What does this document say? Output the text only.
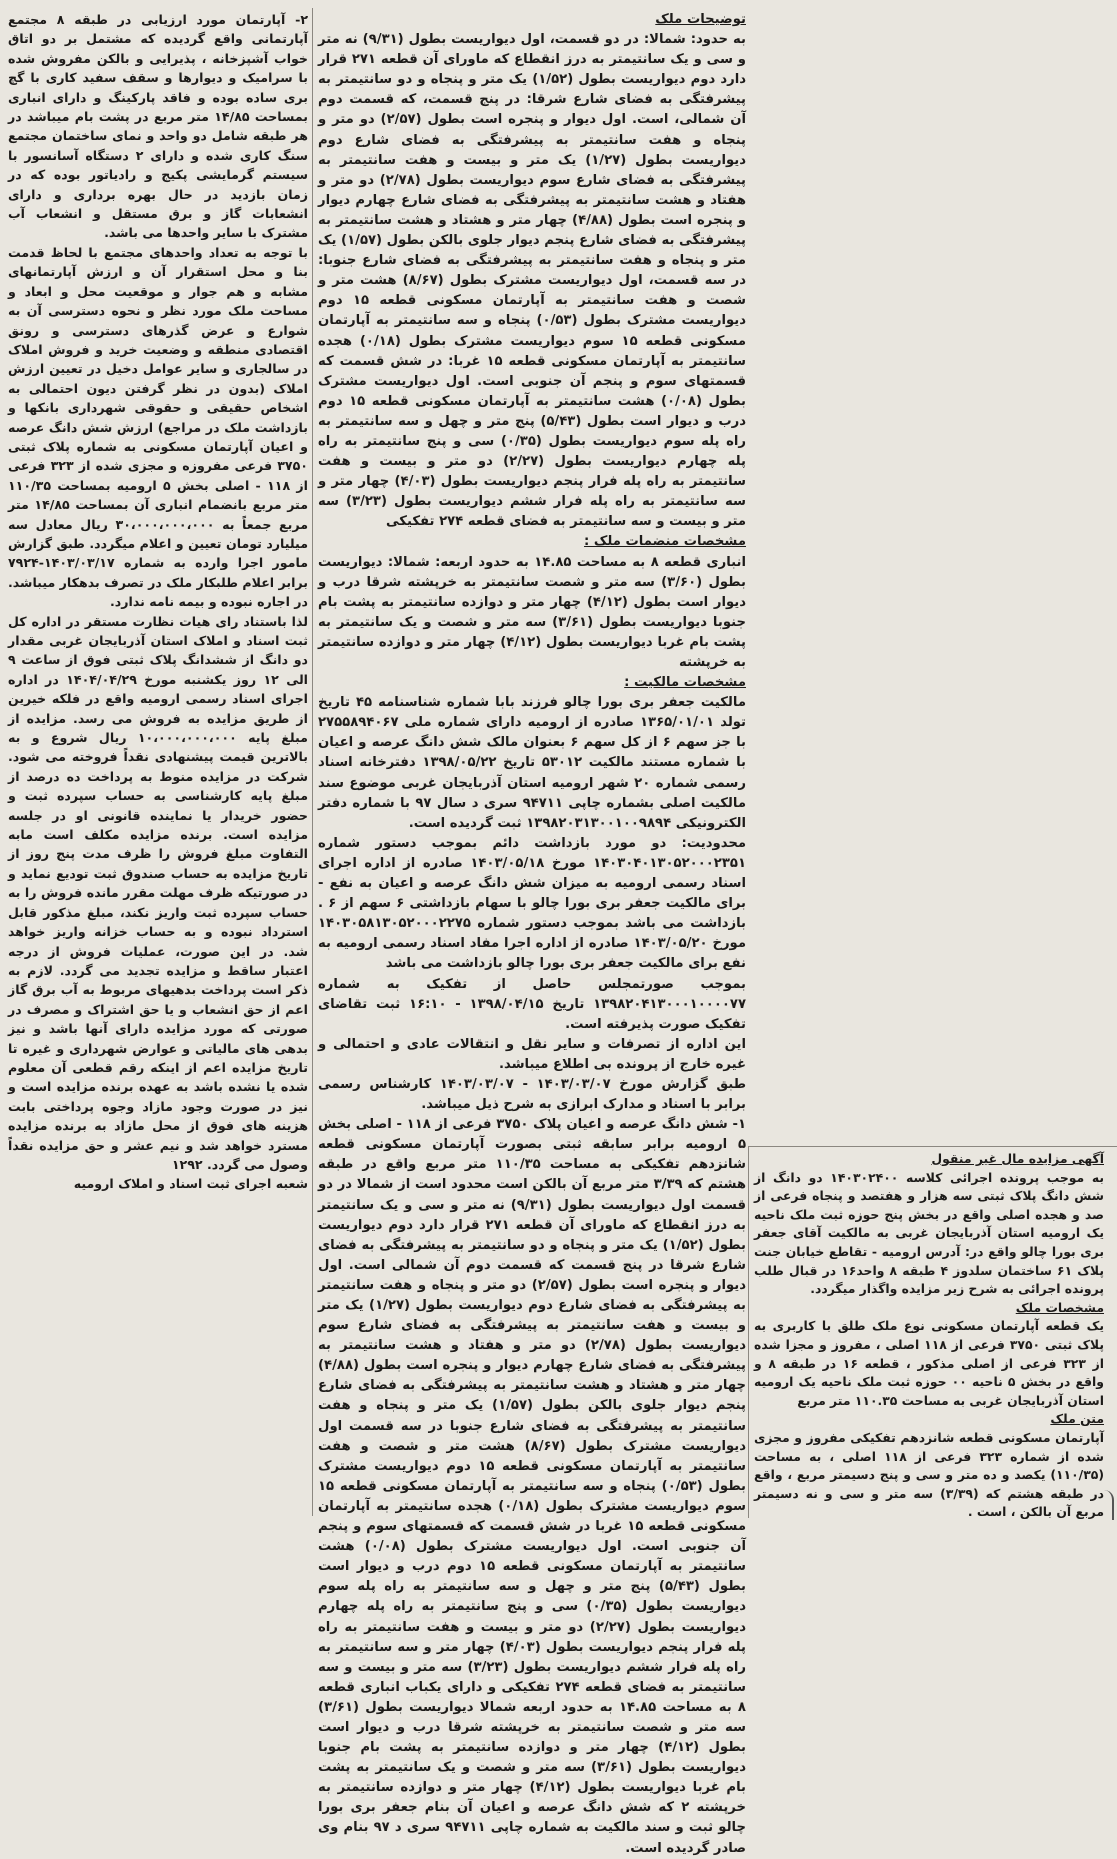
آگهی مزایده مال غیر منقول

به موجب پرونده اجرائی کلاسه ۱۴۰۳۰۲۴۰۰ دو دانگ از شش دانگ پلاک ثبتی سه هزار و هفتصد و پنجاه فرعی از صد و هجده اصلی واقع در بخش پنج حوزه ثبت ملک ناحیه یک ارومیه استان آذربایجان غربی به مالکیت آقای جعفر بری بورا چالو واقع در: آدرس ارومیه - تقاطع خیابان جنت پلاک ۶۱ ساختمان سلدوز ۴ طبقه ۸ واحد۱۶ در قبال طلب پرونده اجرائی به شرح زیر مزایده واگذار میگردد.

مشخصات ملک

یک قطعه آپارتمان مسکونی نوع ملک طلق با کاربری به پلاک ثبتی ۳۷۵۰ فرعی از ۱۱۸ اصلی ، مفروز و مجزا شده از ۳۲۳ فرعی از اصلی مذکور ، قطعه ۱۶ در طبقه ۸ و واقع در بخش ۵ ناحیه ۰۰ حوزه ثبت ملک ناحیه یک ارومیه استان آذربایجان غربی به مساحت ۱۱۰.۳۵ متر مربع

متن ملک

آپارتمان مسکونی قطعه شانزدهم تفکیکی مفروز و مجزی شده از شماره ۳۲۳ فرعی از ۱۱۸ اصلی ، به مساحت (۱۱۰/۳۵) یکصد و ده متر و سی و پنج دسیمتر مربع ، واقع در طبقه هشتم که (۳/۳۹) سه متر و سی و نه دسیمتر مربع آن بالکن ، است .

توضیحات ملک

به حدود: شمالا: در دو قسمت، اول دیواریست بطول (۹/۳۱) نه متر و سی و یک سانتیمتر به درز انقطاع که ماورای آن قطعه ۲۷۱ قرار دارد دوم دیواریست بطول (۱/۵۲) یک متر و پنجاه و دو سانتیمتر به پیشرفتگی به فضای شارع شرقا: در پنج قسمت، که قسمت دوم آن شمالی، است. اول دیوار و پنجره است بطول (۲/۵۷) دو متر و پنجاه و هفت سانتیمتر به پیشرفتگی به فضای شارع دوم دیواریست بطول (۱/۲۷) یک متر و بیست و هفت سانتیمتر به پیشرفتگی به فضای شارع سوم دیواریست بطول (۲/۷۸) دو متر و هفتاد و هشت سانتیمتر به پیشرفتگی به فضای شارع چهارم دیوار و پنجره است بطول (۴/۸۸) چهار متر و هشتاد و هشت سانتیمتر به پیشرفتگی به فضای شارع پنجم دیوار جلوی بالکن بطول (۱/۵۷) یک متر و پنجاه و هفت سانتیمتر به پیشرفتگی به فضای شارع جنوبا: در سه قسمت، اول دیواریست مشترک بطول (۸/۶۷) هشت متر و شصت و هفت سانتیمتر به آپارتمان مسکونی قطعه ۱۵ دوم دیواریست مشترک بطول (۰/۵۳) پنجاه و سه سانتیمتر به آپارتمان مسکونی قطعه ۱۵ سوم دیواریست مشترک بطول (۰/۱۸) هجده سانتیمتر به آپارتمان مسکونی قطعه ۱۵ غربا: در شش قسمت که قسمتهای سوم و پنجم آن جنوبی است. اول دیواریست مشترک بطول (۰/۰۸) هشت سانتیمتر به آپارتمان مسکونی قطعه ۱۵ دوم درب و دیوار است بطول (۵/۴۳) پنج متر و چهل و سه سانتیمتر به راه پله سوم دیواریست بطول (۰/۳۵) سی و پنج سانتیمتر به راه پله چهارم دیواریست بطول (۲/۲۷) دو متر و بیست و هفت سانتیمتر به راه پله فرار پنجم دیواریست بطول (۴/۰۳) چهار متر و سه سانتیمتر به راه پله فرار ششم دیواریست بطول (۳/۲۳) سه متر و بیست و سه سانتیمتر به فضای قطعه ۲۷۴ تفکیکی

مشخصات منضمات ملک :

انباری قطعه ۸ به مساحت ۱۴.۸۵ به حدود اربعه: شمالا: دیواریست بطول (۳/۶۰) سه متر و شصت سانتیمتر به خرپشته شرقا درب و دیوار است بطول (۴/۱۲) چهار متر و دوازده سانتیمتر به پشت بام جنوبا دیواریست بطول (۳/۶۱) سه متر و شصت و یک سانتیمتر به پشت بام غربا دیواریست بطول (۴/۱۲) چهار متر و دوازده سانتیمتر به خرپشته

مشخصات مالکیت :

مالکیت جعفر بری بورا چالو فرزند بابا شماره شناسنامه ۴۵ تاریخ تولد ۱۳۶۵/۰۱/۰۱ صادره از ارومیه دارای شماره ملی ۲۷۵۵۸۹۴۰۶۷ با جز سهم ۶ از کل سهم ۶ بعنوان مالک شش دانگ عرصه و اعیان با شماره مستند مالکیت ۵۳۰۱۲ تاریخ ۱۳۹۸/۰۵/۲۲ دفترخانه اسناد رسمی شماره ۲۰ شهر ارومیه استان آذربایجان غربی موضوع سند مالکیت اصلی بشماره چاپی ۹۴۷۱۱ سری د سال ۹۷ با شماره دفتر الکترونیکی ۱۳۹۸۲۰۳۱۳۰۰۱۰۰۹۸۹۴ ثبت گردیده است.

محدودیت: دو مورد بازداشت دائم بموجب دستور شماره ۱۴۰۳۰۴۰۱۳۰۵۲۰۰۰۲۳۵۱ مورخ ۱۴۰۳/۰۵/۱۸ صادره از اداره اجرای اسناد رسمی ارومیه به میزان شش دانگ عرصه و اعیان به نفع - برای مالکیت جعفر بری بورا چالو با سهام بازداشتی ۶ سهم از ۶ . بازداشت می باشد بموجب دستور شماره ۱۴۰۳۰۵۸۱۳۰۵۲۰۰۰۲۲۷۵ مورخ ۱۴۰۳/۰۵/۲۰ صادره از اداره اجرا مفاد اسناد رسمی ارومیه به نفع برای مالکیت جعفر بری بورا چالو بازداشت می باشد

بموجب صورتمجلس حاصل از تفکیک به شماره ۱۳۹۸۲۰۴۱۳۰۰۰۱۰۰۰۰۷۷ تاریخ ۱۳۹۸/۰۴/۱۵ - ۱۶:۱۰ ثبت تقاضای تفکیک صورت پذیرفته است.

این اداره از تصرفات و سایر نقل و انتقالات عادی و احتمالی و غیره خارج از پرونده بی اطلاع میباشد.

طبق گزارش مورخ ۱۴۰۳/۰۳/۰۷ - ۱۴۰۳/۰۳/۰۷ کارشناس رسمی برابر با اسناد و مدارک ابرازی به شرح ذیل میباشد.

۱- شش دانگ عرصه و اعیان پلاک ۳۷۵۰ فرعی از ۱۱۸ - اصلی بخش ۵ ارومیه برابر سابقه ثبتی بصورت آپارتمان مسکونی قطعه شانزدهم تفکیکی به مساحت ۱۱۰/۳۵ متر مربع واقع در طبقه هشتم که ۳/۳۹ متر مربع آن بالکن است محدود است از شمالا در دو قسمت اول دیواریست بطول (۹/۳۱) نه متر و سی و یک سانتیمتر به درز انقطاع که ماورای آن قطعه ۲۷۱ قرار دارد دوم دیواریست بطول (۱/۵۲) یک متر و پنجاه و دو سانتیمتر به پیشرفتگی به فضای شارع شرقا در پنج قسمت که قسمت دوم آن شمالی است. اول دیوار و پنجره است بطول (۲/۵۷) دو متر و پنجاه و هفت سانتیمتر به پیشرفتگی به فضای شارع دوم دیواریست بطول (۱/۲۷) یک متر و بیست و هفت سانتیمتر به پیشرفتگی به فضای شارع سوم دیواریست بطول (۲/۷۸) دو متر و هفتاد و هشت سانتیمتر به پیشرفتگی به فضای شارع چهارم دیوار و پنجره است بطول (۴/۸۸) چهار متر و هشتاد و هشت سانتیمتر به پیشرفتگی به فضای شارع پنجم دیوار جلوی بالکن بطول (۱/۵۷) یک متر و پنجاه و هفت سانتیمتر به پیشرفتگی به فضای شارع جنوبا در سه قسمت اول دیواریست مشترک بطول (۸/۶۷) هشت متر و شصت و هفت سانتیمتر به آپارتمان مسکونی قطعه ۱۵ دوم دیواریست مشترک بطول (۰/۵۳) پنجاه و سه سانتیمتر به آپارتمان مسکونی قطعه ۱۵ سوم دیواریست مشترک بطول (۰/۱۸) هجده سانتیمتر به آپارتمان مسکونی قطعه ۱۵ غربا در شش قسمت که قسمتهای سوم و پنجم آن جنوبی است. اول دیواریست مشترک بطول (۰/۰۸) هشت سانتیمتر به آپارتمان مسکونی قطعه ۱۵ دوم درب و دیوار است بطول (۵/۴۳) پنج متر و چهل و سه سانتیمتر به راه پله سوم دیواریست بطول (۰/۳۵) سی و پنج سانتیمتر به راه پله چهارم دیواریست بطول (۲/۲۷) دو متر و بیست و هفت سانتیمتر به راه پله فرار پنجم دیواریست بطول (۴/۰۳) چهار متر و سه سانتیمتر به راه پله فرار ششم دیواریست بطول (۳/۲۳) سه متر و بیست و سه سانتیمتر به فضای قطعه ۲۷۴ تفکیکی و دارای یکباب انباری قطعه ۸ به مساحت ۱۴.۸۵ به حدود اربعه شمالا دیواریست بطول (۳/۶۱) سه متر و شصت سانتیمتر به خرپشته شرقا درب و دیوار است بطول (۴/۱۲) چهار متر و دوازده سانتیمتر به پشت بام جنوبا دیواریست بطول (۳/۶۱) سه متر و شصت و یک سانتیمتر به پشت بام غربا دیواریست بطول (۴/۱۲) چهار متر و دوازده سانتیمتر به خرپشته ۲ که شش دانگ عرصه و اعیان آن بنام جعفر بری بورا چالو ثبت و سند مالکیت به شماره چاپی ۹۴۷۱۱ سری د ۹۷ بنام وی صادر گردیده است.

۲- آپارتمان مورد ارزیابی در طبقه ۸ مجتمع آپارتمانی واقع گردیده که مشتمل بر دو اتاق خواب آشپزخانه ، پذیرایی و بالکن مفروش شده با سرامیک و دیوارها و سقف سفید کاری با گچ بری ساده بوده و فاقد پارکینگ و دارای انباری بمساحت ۱۴/۸۵ متر مربع در پشت بام میباشد در هر طبقه شامل دو واحد و نمای ساختمان مجتمع سنگ کاری شده و دارای ۲ دستگاه آسانسور با سیستم گرمایشی پکیج و رادیاتور بوده که در زمان بازدید در حال بهره برداری و دارای انشعابات گاز و برق مستقل و انشعاب آب مشترک با سایر واحدها می باشد.

با توجه به تعداد واحدهای مجتمع با لحاظ قدمت بنا و محل استقرار آن و ارزش آپارتمانهای مشابه و هم جوار و موقعیت محل و ابعاد و مساحت ملک مورد نظر و نحوه دسترسی آن به شوارع و عرض گذرهای دسترسی و رونق اقتصادی منطقه و وضعیت خرید و فروش املاک در سالجاری و سایر عوامل دخیل در تعیین ارزش املاک (بدون در نظر گرفتن دیون احتمالی به اشخاص حقیقی و حقوقی شهرداری بانکها و بازداشت ملک در مراجع) ارزش شش دانگ عرصه و اعیان آپارتمان مسکونی به شماره پلاک ثبتی ۳۷۵۰ فرعی مفروزه و مجزی شده از ۳۲۳ فرعی از ۱۱۸ - اصلی بخش ۵ ارومیه بمساحت ۱۱۰/۳۵ متر مربع بانضمام انباری آن بمساحت ۱۴/۸۵ متر مربع جمعاً به ۳۰،۰۰۰،۰۰۰،۰۰۰ ریال معادل سه میلیارد تومان تعیین و اعلام میگردد. طبق گزارش مامور اجرا وارده به شماره ۱۴۰۳/۰۳/۱۷-۷۹۲۴ برابر اعلام طلبکار ملک در تصرف بدهکار میباشد. در اجاره نبوده و بیمه نامه ندارد.

لذا باستناد رای هیات نظارت مستقر در اداره کل ثبت اسناد و املاک استان آذربایجان غربی مقدار دو دانگ از ششدانگ پلاک ثبتی فوق از ساعت ۹ الی ۱۲ روز یکشنبه مورخ ۱۴۰۴/۰۴/۲۹ در اداره اجرای اسناد رسمی ارومیه واقع در فلکه خیرین از طریق مزایده به فروش می رسد. مزایده از مبلغ پایه ۱۰،۰۰۰،۰۰۰،۰۰۰ ریال شروع و به بالاترین قیمت پیشنهادی نقداً فروخته می شود. شرکت در مزایده منوط به پرداخت ده درصد از مبلغ پایه کارشناسی به حساب سپرده ثبت و حضور خریدار یا نماینده قانونی او در جلسه مزایده است. برنده مزایده مکلف است مابه التفاوت مبلغ فروش را ظرف مدت پنج روز از تاریخ مزایده به حساب صندوق ثبت تودیع نماید و در صورتیکه ظرف مهلت مقرر مانده فروش را به حساب سپرده ثبت واریز نکند، مبلغ مذکور قابل استرداد نبوده و به حساب خزانه واریز خواهد شد. در این صورت، عملیات فروش از درجه اعتبار ساقط و مزایده تجدید می گردد. لازم به ذکر است پرداخت بدهیهای مربوط به آب برق گاز اعم از حق انشعاب و یا حق اشتراک و مصرف در صورتی که مورد مزایده دارای آنها باشد و نیز بدهی های مالیاتی و عوارض شهرداری و غیره تا تاریخ مزایده اعم از اینکه رقم قطعی آن معلوم شده یا نشده باشد به عهده برنده مزایده است و نیز در صورت وجود مازاد وجوه پرداختی بابت هزینه های فوق از محل مازاد به برنده مزایده مسترد خواهد شد و نیم عشر و حق مزایده نقداً وصول می گردد. ۱۲۹۲

شعبه اجرای ثبت اسناد و املاک ارومیه
